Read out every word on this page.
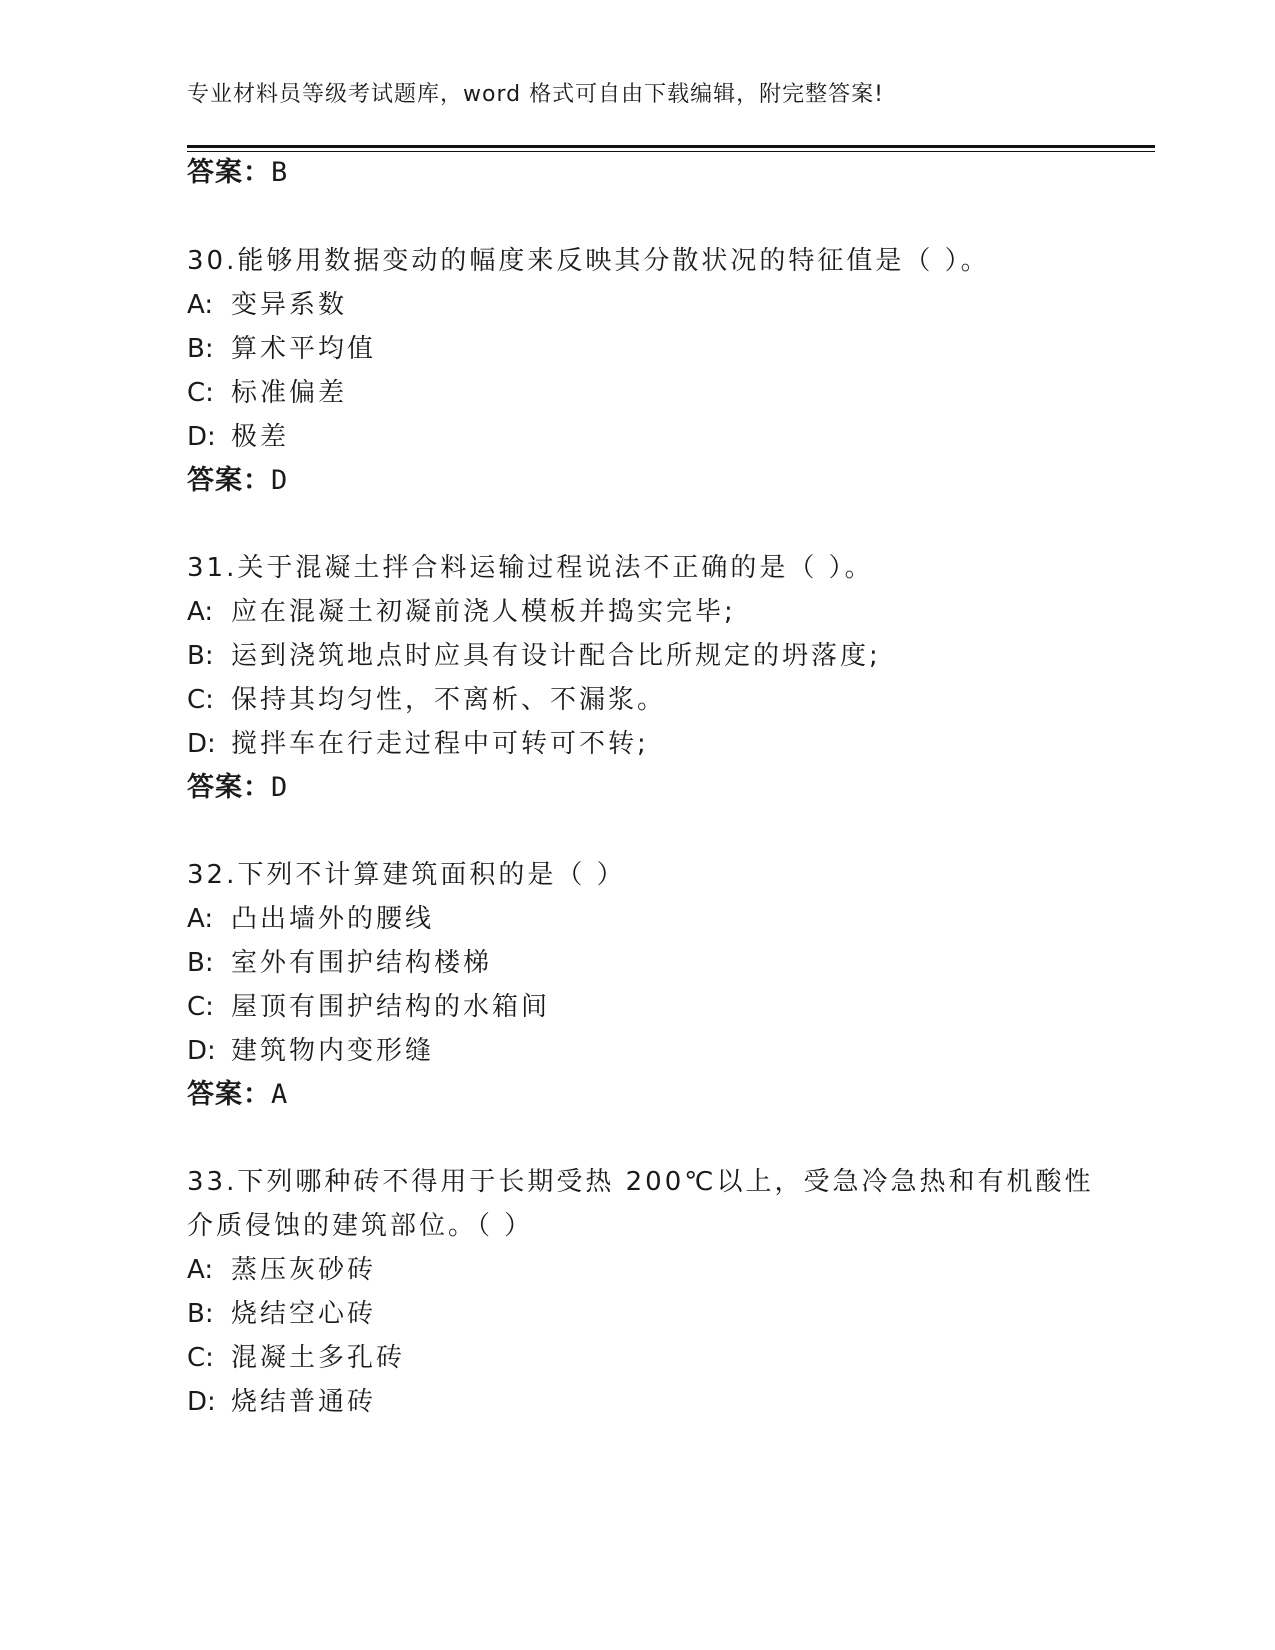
专业材料员等级考试题库，word 格式可自由下载编辑，附完整答案!
答案：B
30.能够用数据变动的幅度来反映其分散状况的特征值是（ ）。
A: 变异系数
B: 算术平均值
C: 标准偏差
D: 极差
答案：D
31.关于混凝土拌合料运输过程说法不正确的是（ ）。
A: 应在混凝土初凝前浇人模板并捣实完毕;
B: 运到浇筑地点时应具有设计配合比所规定的坍落度;
C: 保持其均匀性，不离析、不漏浆。
D: 搅拌车在行走过程中可转可不转;
答案：D
32.下列不计算建筑面积的是（ ）
A: 凸出墙外的腰线
B: 室外有围护结构楼梯
C: 屋顶有围护结构的水箱间
D: 建筑物内变形缝
答案：A
33.下列哪种砖不得用于长期受热 200℃以上，受急冷急热和有机酸性
介质侵蚀的建筑部位。（ ）
A: 蒸压灰砂砖
B: 烧结空心砖
C: 混凝土多孔砖
D: 烧结普通砖
